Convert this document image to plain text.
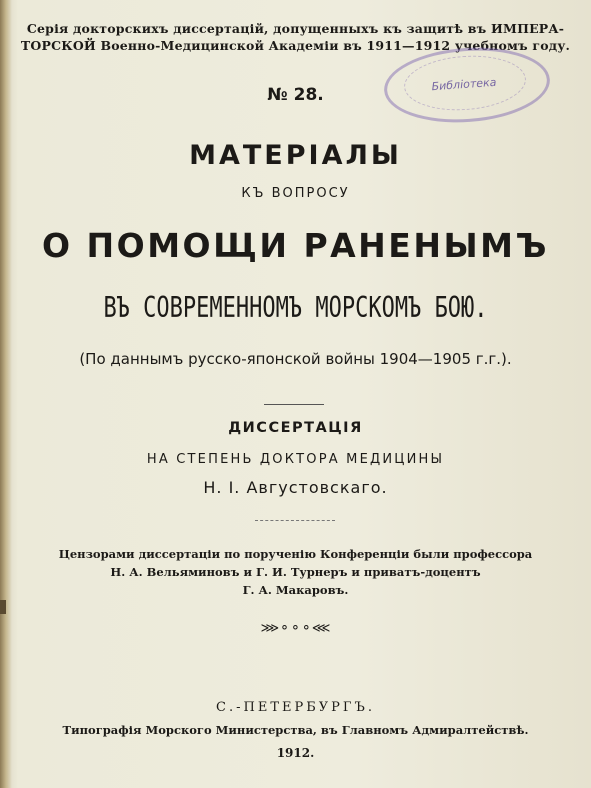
Серія докторскихъ диссертацій, допущенныхъ къ защитѣ въ ИМПЕРА-
ТОРСКОЙ Военно-Медицинской Академіи въ 1911—1912 учебномъ году.
Библіотека
№ 28.
МАТЕРІАЛЫ
КЪ ВОПРОСУ
О ПОМОЩИ РАНЕНЫМЪ
ВЪ СОВРЕМЕННОМЪ МОРСКОМЪ БОЮ.
(По даннымъ русско-японской войны 1904—1905 г.г.).
ДИССЕРТАЦІЯ
НА СТЕПЕНЬ ДОКТОРА МЕДИЦИНЫ
Н. І. Августовскаго.
Цензорами диссертаціи по порученію Конференціи были профессора
Н. А. Вельяминовъ и Г. И. Турнеръ и приватъ-доцентъ
Г. А. Макаровъ.
⋙⚬⚬⚬⋘
С.-ПЕТЕРБУРГЪ.
Типографія Морского Министерства, въ Главномъ Адмиралтействѣ.
1912.
